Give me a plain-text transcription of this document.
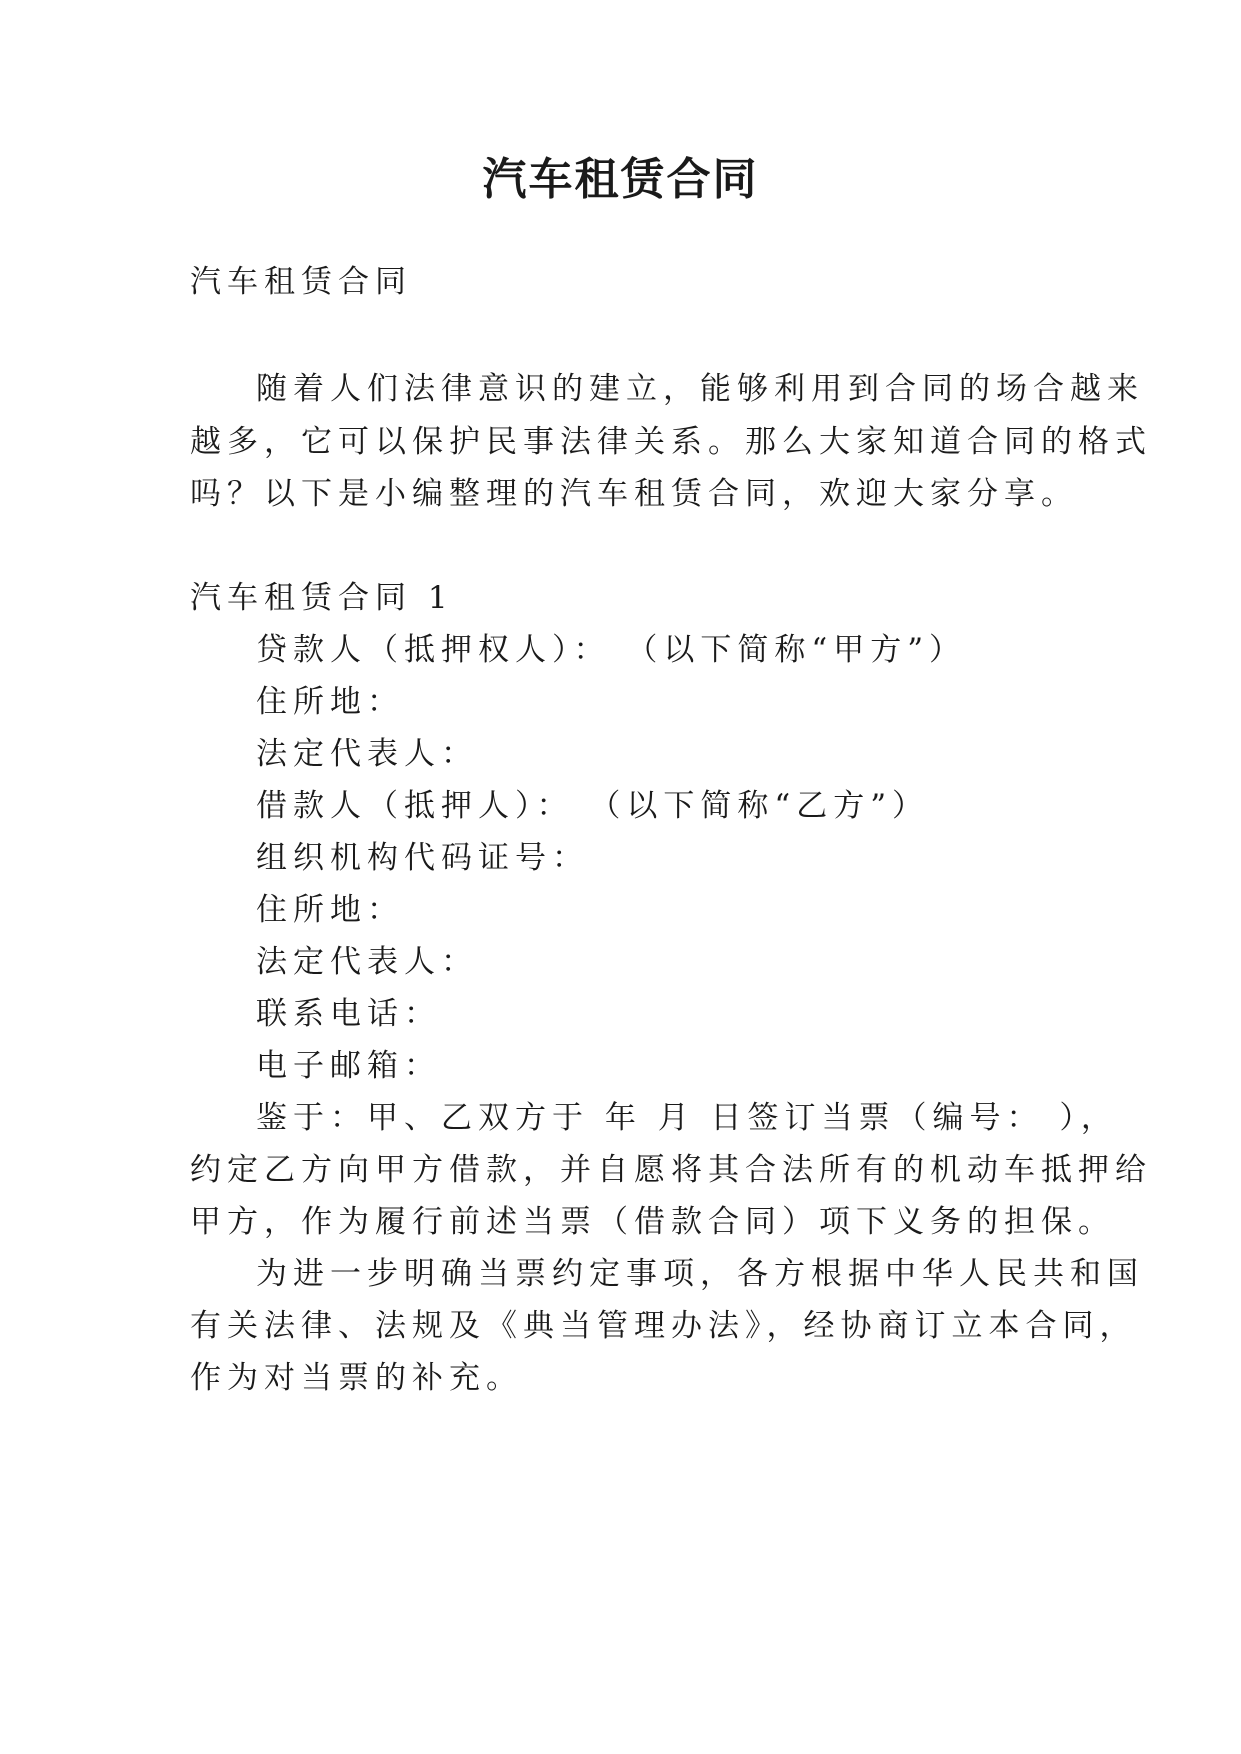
汽车租赁合同
汽车租赁合同
随着人们法律意识的建立，能够利用到合同的场合越来
越多，它可以保护民事法律关系。那么大家知道合同的格式
吗？以下是小编整理的汽车租赁合同，欢迎大家分享。
汽车租赁合同 1
贷款人（抵押权人）： （以下简称“甲方”）
住所地：
法定代表人：
借款人（抵押人）： （以下简称“乙方”）
组织机构代码证号：
住所地：
法定代表人：
联系电话：
电子邮箱：
鉴于：甲、乙双方于 年 月 日签订当票（编号： ），
约定乙方向甲方借款，并自愿将其合法所有的机动车抵押给
甲方，作为履行前述当票（借款合同）项下义务的担保。
为进一步明确当票约定事项，各方根据中华人民共和国
有关法律、法规及《典当管理办法》，经协商订立本合同，
作为对当票的补充。
